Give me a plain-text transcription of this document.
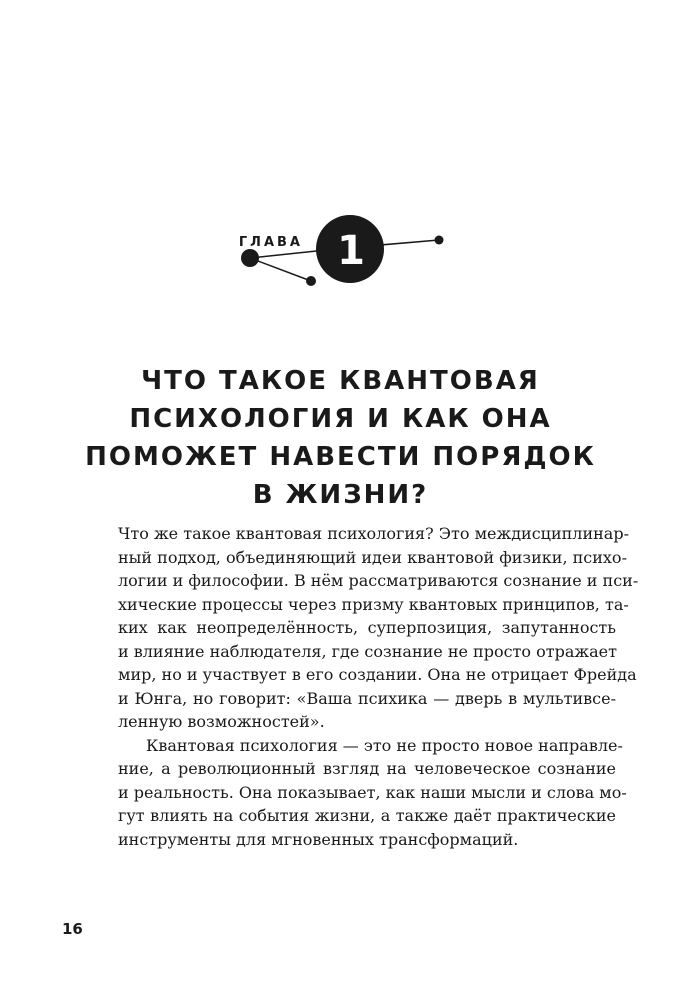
ГЛАВА 1
ЧТО ТАКОЕ КВАНТОВАЯ
ПСИХОЛОГИЯ И КАК ОНА
ПОМОЖЕТ НАВЕСТИ ПОРЯДОК
В ЖИЗНИ?
Что же такое квантовая психология? Это междисциплинар-
ный подход, объединяющий идеи квантовой физики, психо-
логии и философии. В нём рассматриваются сознание и пси-
хические процессы через призму квантовых принципов, та-
ких как неопределённость, суперпозиция, запутанность
и влияние наблюдателя, где сознание не просто отражает
мир, но и участвует в его создании. Она не отрицает Фрейда
и Юнга, но говорит: «Ваша психика — дверь в мультивсе-
ленную возможностей».
Квантовая психология — это не просто новое направле-
ние, а революционный взгляд на человеческое сознание
и реальность. Она показывает, как наши мысли и слова мо-
гут влиять на события жизни, а также даёт практические
инструменты для мгновенных трансформаций.
16
